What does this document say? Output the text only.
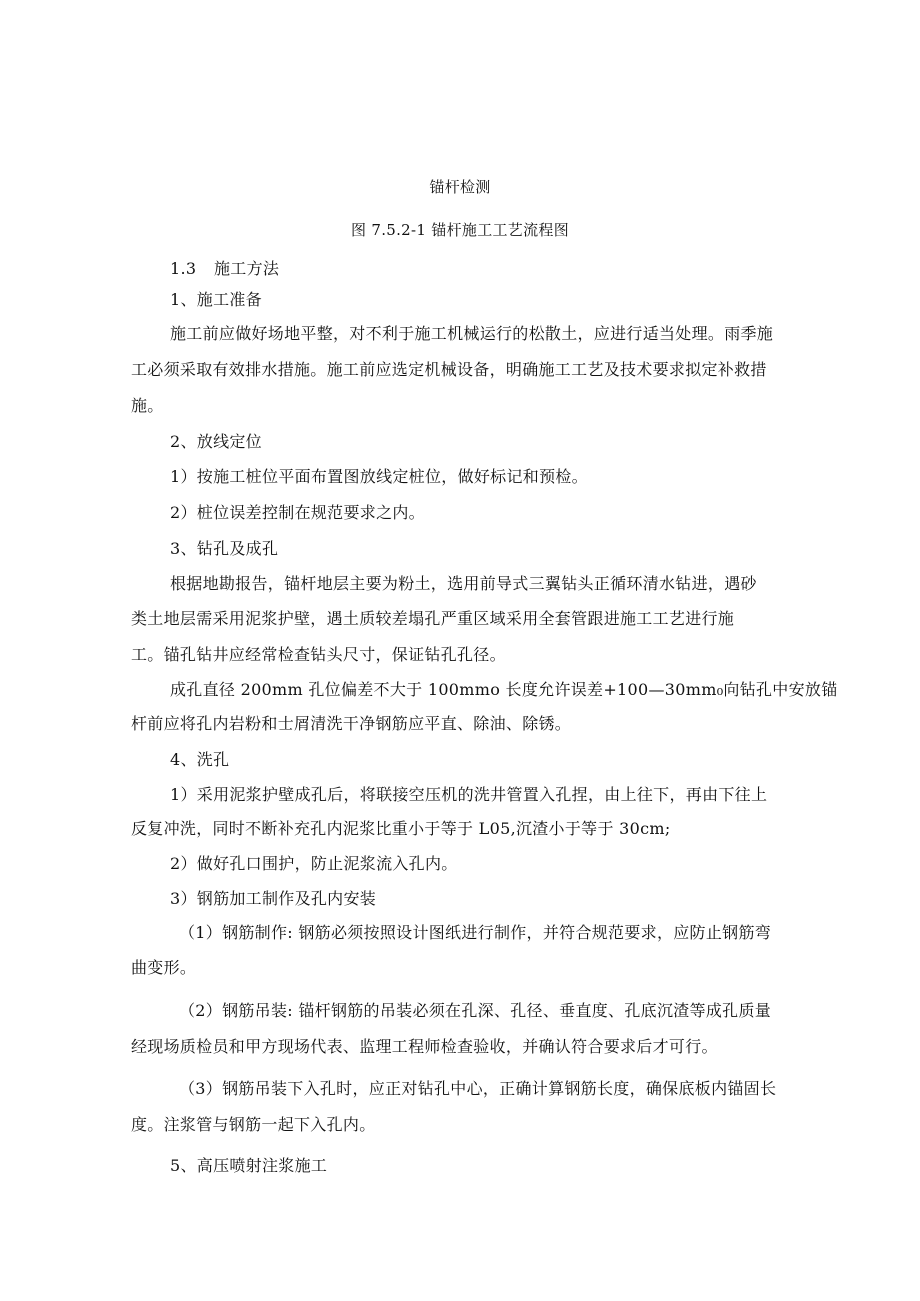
锚杆检测

图 7.5.2-1 锚杆施工工艺流程图

1.3 施工方法

1、施工准备

施工前应做好场地平整，对不利于施工机械运行的松散土，应进行适当处理。雨季施

工必须采取有效排水措施。施工前应选定机械设备，明确施工工艺及技术要求拟定补救措

施。

2、放线定位

1）按施工桩位平面布置图放线定桩位，做好标记和预检。

2）桩位误差控制在规范要求之内。

3、钻孔及成孔

根据地勘报告，锚杆地层主要为粉土，选用前导式三翼钻头正循环清水钻进，遇砂

类土地层需采用泥浆护壁，遇土质较差塌孔严重区域采用全套管跟进施工工艺进行施

工。锚孔钻井应经常检查钻头尺寸，保证钻孔孔径。

成孔直径 200mm 孔位偏差不大于 100mmo 长度允许误差+100—30mm₀向钻孔中安放锚

杆前应将孔内岩粉和士屑清洗干净钢筋应平直、除油、除锈。

4、洗孔

1）采用泥浆护壁成孔后，将联接空压机的洗井管置入孔捏，由上往下，再由下往上

反复冲洗，同时不断补充孔内泥浆比重小于等于 L05,沉渣小于等于 30cm;

2）做好孔口围护，防止泥浆流入孔内。

3）钢筋加工制作及孔内安装

（1）钢筋制作: 钢筋必须按照设计图纸进行制作，并符合规范要求，应防止钢筋弯

曲变形。

（2）钢筋吊装: 锚杆钢筋的吊装必须在孔深、孔径、垂直度、孔底沉渣等成孔质量

经现场质检员和甲方现场代表、监理工程师检查验收，并确认符合要求后才可行。

（3）钢筋吊装下入孔时，应正对钻孔中心，正确计算钢筋长度，确保底板内锚固长

度。注浆管与钢筋一起下入孔内。

5、高压喷射注浆施工
